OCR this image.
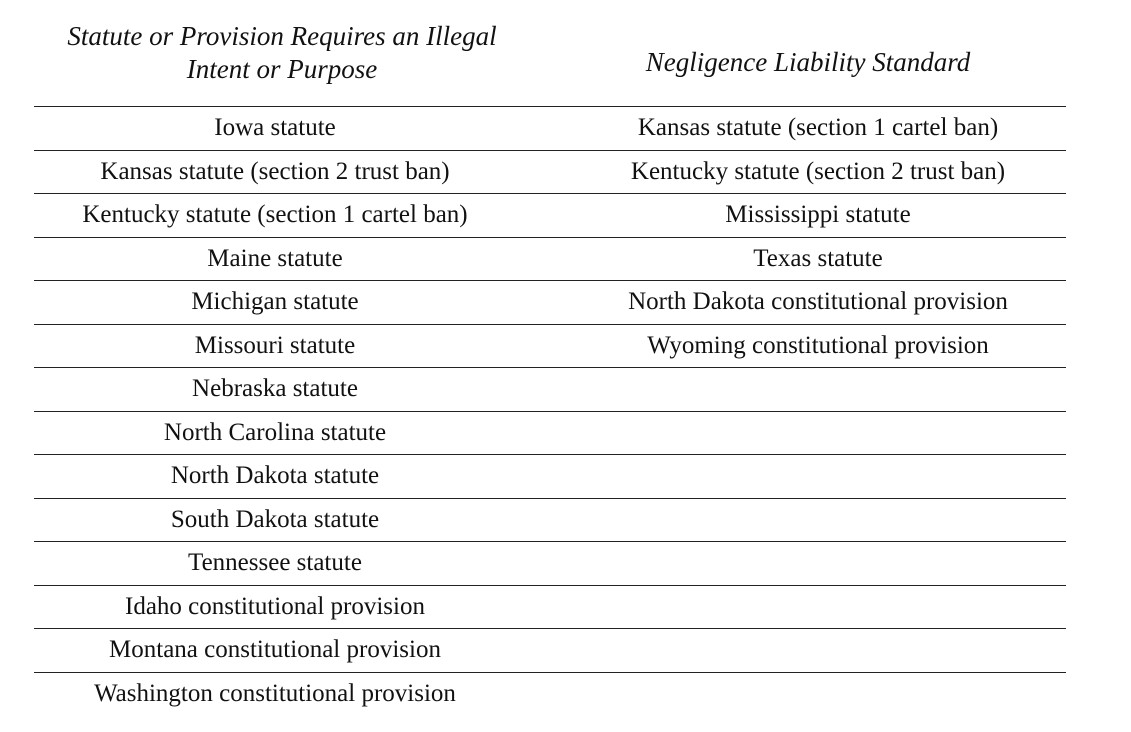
Statute or Provision Requires an Illegal Intent or Purpose	Negligence Liability Standard
Iowa statute	Kansas statute (section 1 cartel ban)
Kansas statute (section 2 trust ban)	Kentucky statute (section 2 trust ban)
Kentucky statute (section 1 cartel ban)	Mississippi statute
Maine statute	Texas statute
Michigan statute	North Dakota constitutional provision
Missouri statute	Wyoming constitutional provision
Nebraska statute	
North Carolina statute	
North Dakota statute	
South Dakota statute	
Tennessee statute	
Idaho constitutional provision	
Montana constitutional provision	
Washington constitutional provision	
